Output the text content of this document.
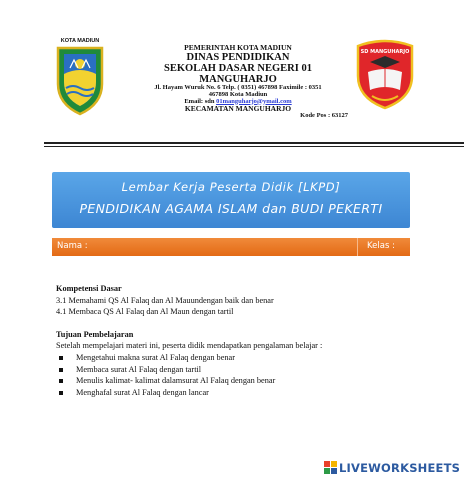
KOTA MADIUN
PEMERINTAH KOTA MADIUN
DINAS PENDIDIKAN
SEKOLAH DASAR NEGERI 01
MANGUHARJO
Jl. Hayam Wuruk No. 6 Telp. ( 0351) 467898 Faximile : 0351
467898 Kota Madiun
Email: sdn 01manguharjo@ymail.com
KECAMATAN MANGUHARJO
Kode Pos : 63127
SD MANGUHARJO
Lembar Kerja Peserta Didik [LKPD]
PENDIDIKAN AGAMA ISLAM dan BUDI PEKERTI
Nama :	Kelas :
Kompetensi Dasar
3.1 Memahami QS Al Falaq dan Al Mauundengan baik dan benar
4.1 Membaca QS Al Falaq dan Al Maun dengan tartil
Tujuan Pembelajaran
Setelah mempelajari materi ini, peserta didik mendapatkan pengalaman belajar :
Mengetahui makna surat Al Falaq dengan benar
Membaca surat Al Falaq dengan tartil
Menulis kalimat- kalimat dalamsurat Al Falaq dengan benar
Menghafal surat Al Falaq dengan lancar
LIVEWORKSHEETS
